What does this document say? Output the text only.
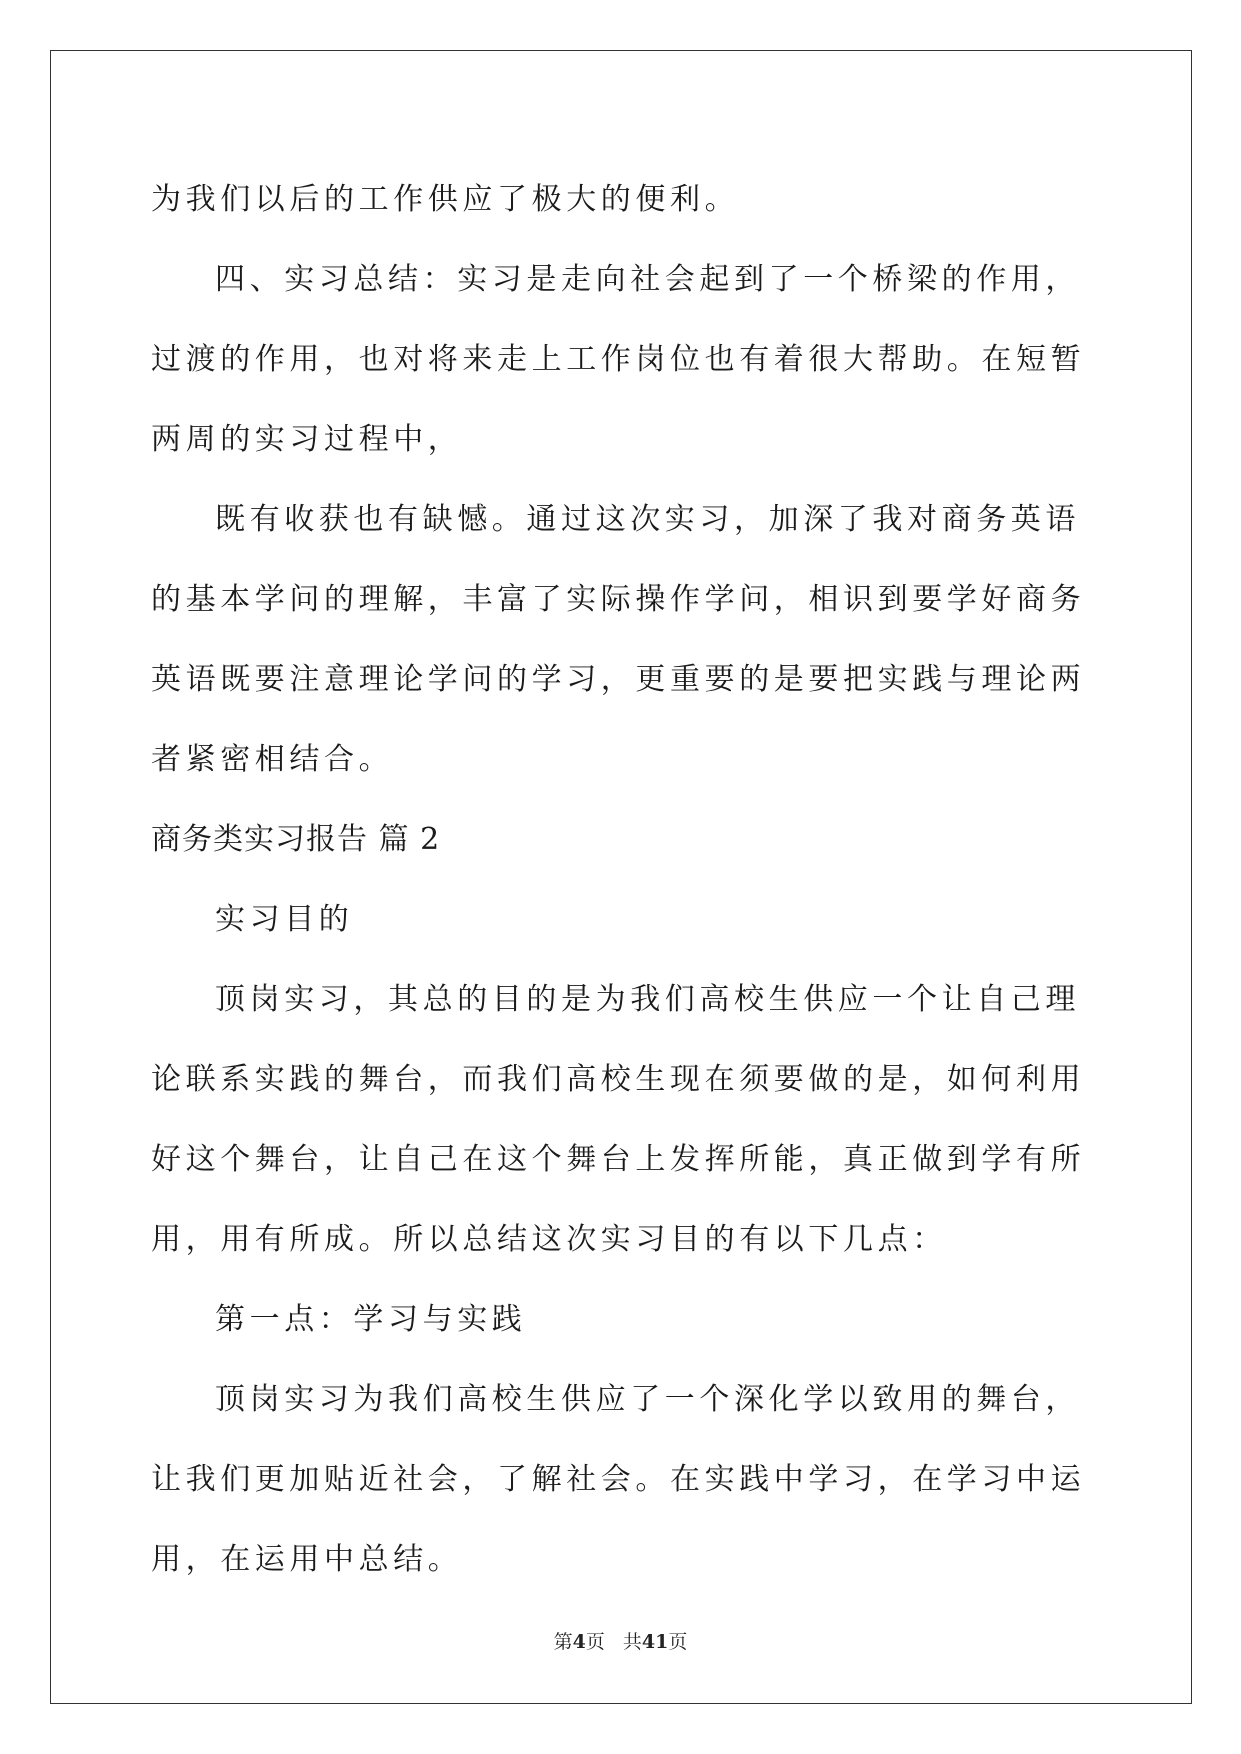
为我们以后的工作供应了极大的便利。

四、实习总结：实习是走向社会起到了一个桥梁的作用，过渡的作用，也对将来走上工作岗位也有着很大帮助。在短暂两周的实习过程中，

既有收获也有缺憾。通过这次实习，加深了我对商务英语的基本学问的理解，丰富了实际操作学问，相识到要学好商务英语既要注意理论学问的学习，更重要的是要把实践与理论两者紧密相结合。

商务类实习报告 篇 2

实习目的

顶岗实习，其总的目的是为我们高校生供应一个让自己理论联系实践的舞台，而我们高校生现在须要做的是，如何利用好这个舞台，让自己在这个舞台上发挥所能，真正做到学有所用，用有所成。所以总结这次实习目的有以下几点：

第一点：学习与实践

顶岗实习为我们高校生供应了一个深化学以致用的舞台，让我们更加贴近社会，了解社会。在实践中学习，在学习中运用，在运用中总结。

第4页 共41页
